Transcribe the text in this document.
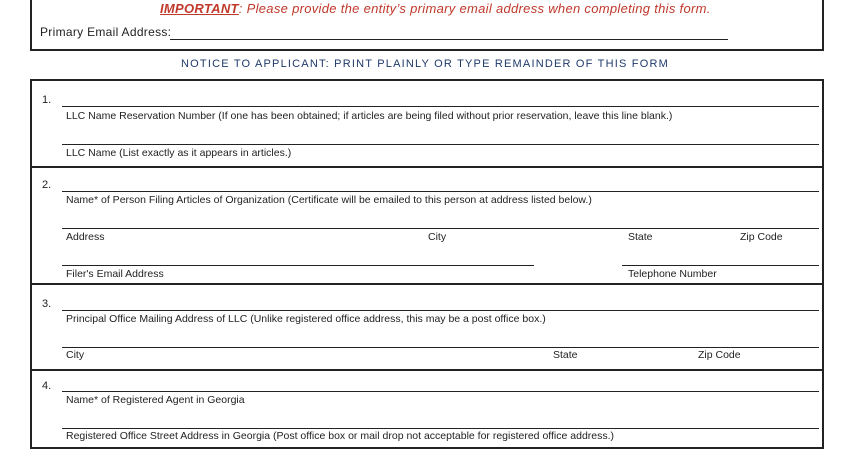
IMPORTANT: Please provide the entity’s primary email address when completing this form.
Primary Email Address:
NOTICE TO APPLICANT: PRINT PLAINLY OR TYPE REMAINDER OF THIS FORM
1.
LLC Name Reservation Number (If one has been obtained; if articles are being filed without prior reservation, leave this line blank.)
LLC Name (List exactly as it appears in articles.)
2.
Name* of Person Filing Articles of Organization (Certificate will be emailed to this person at address listed below.)
Address	City	State	Zip Code
Filer's Email Address	Telephone Number
3.
Principal Office Mailing Address of LLC (Unlike registered office address, this may be a post office box.)
City	State	Zip Code
4.
Name* of Registered Agent in Georgia
Registered Office Street Address in Georgia (Post office box or mail drop not acceptable for registered office address.)
